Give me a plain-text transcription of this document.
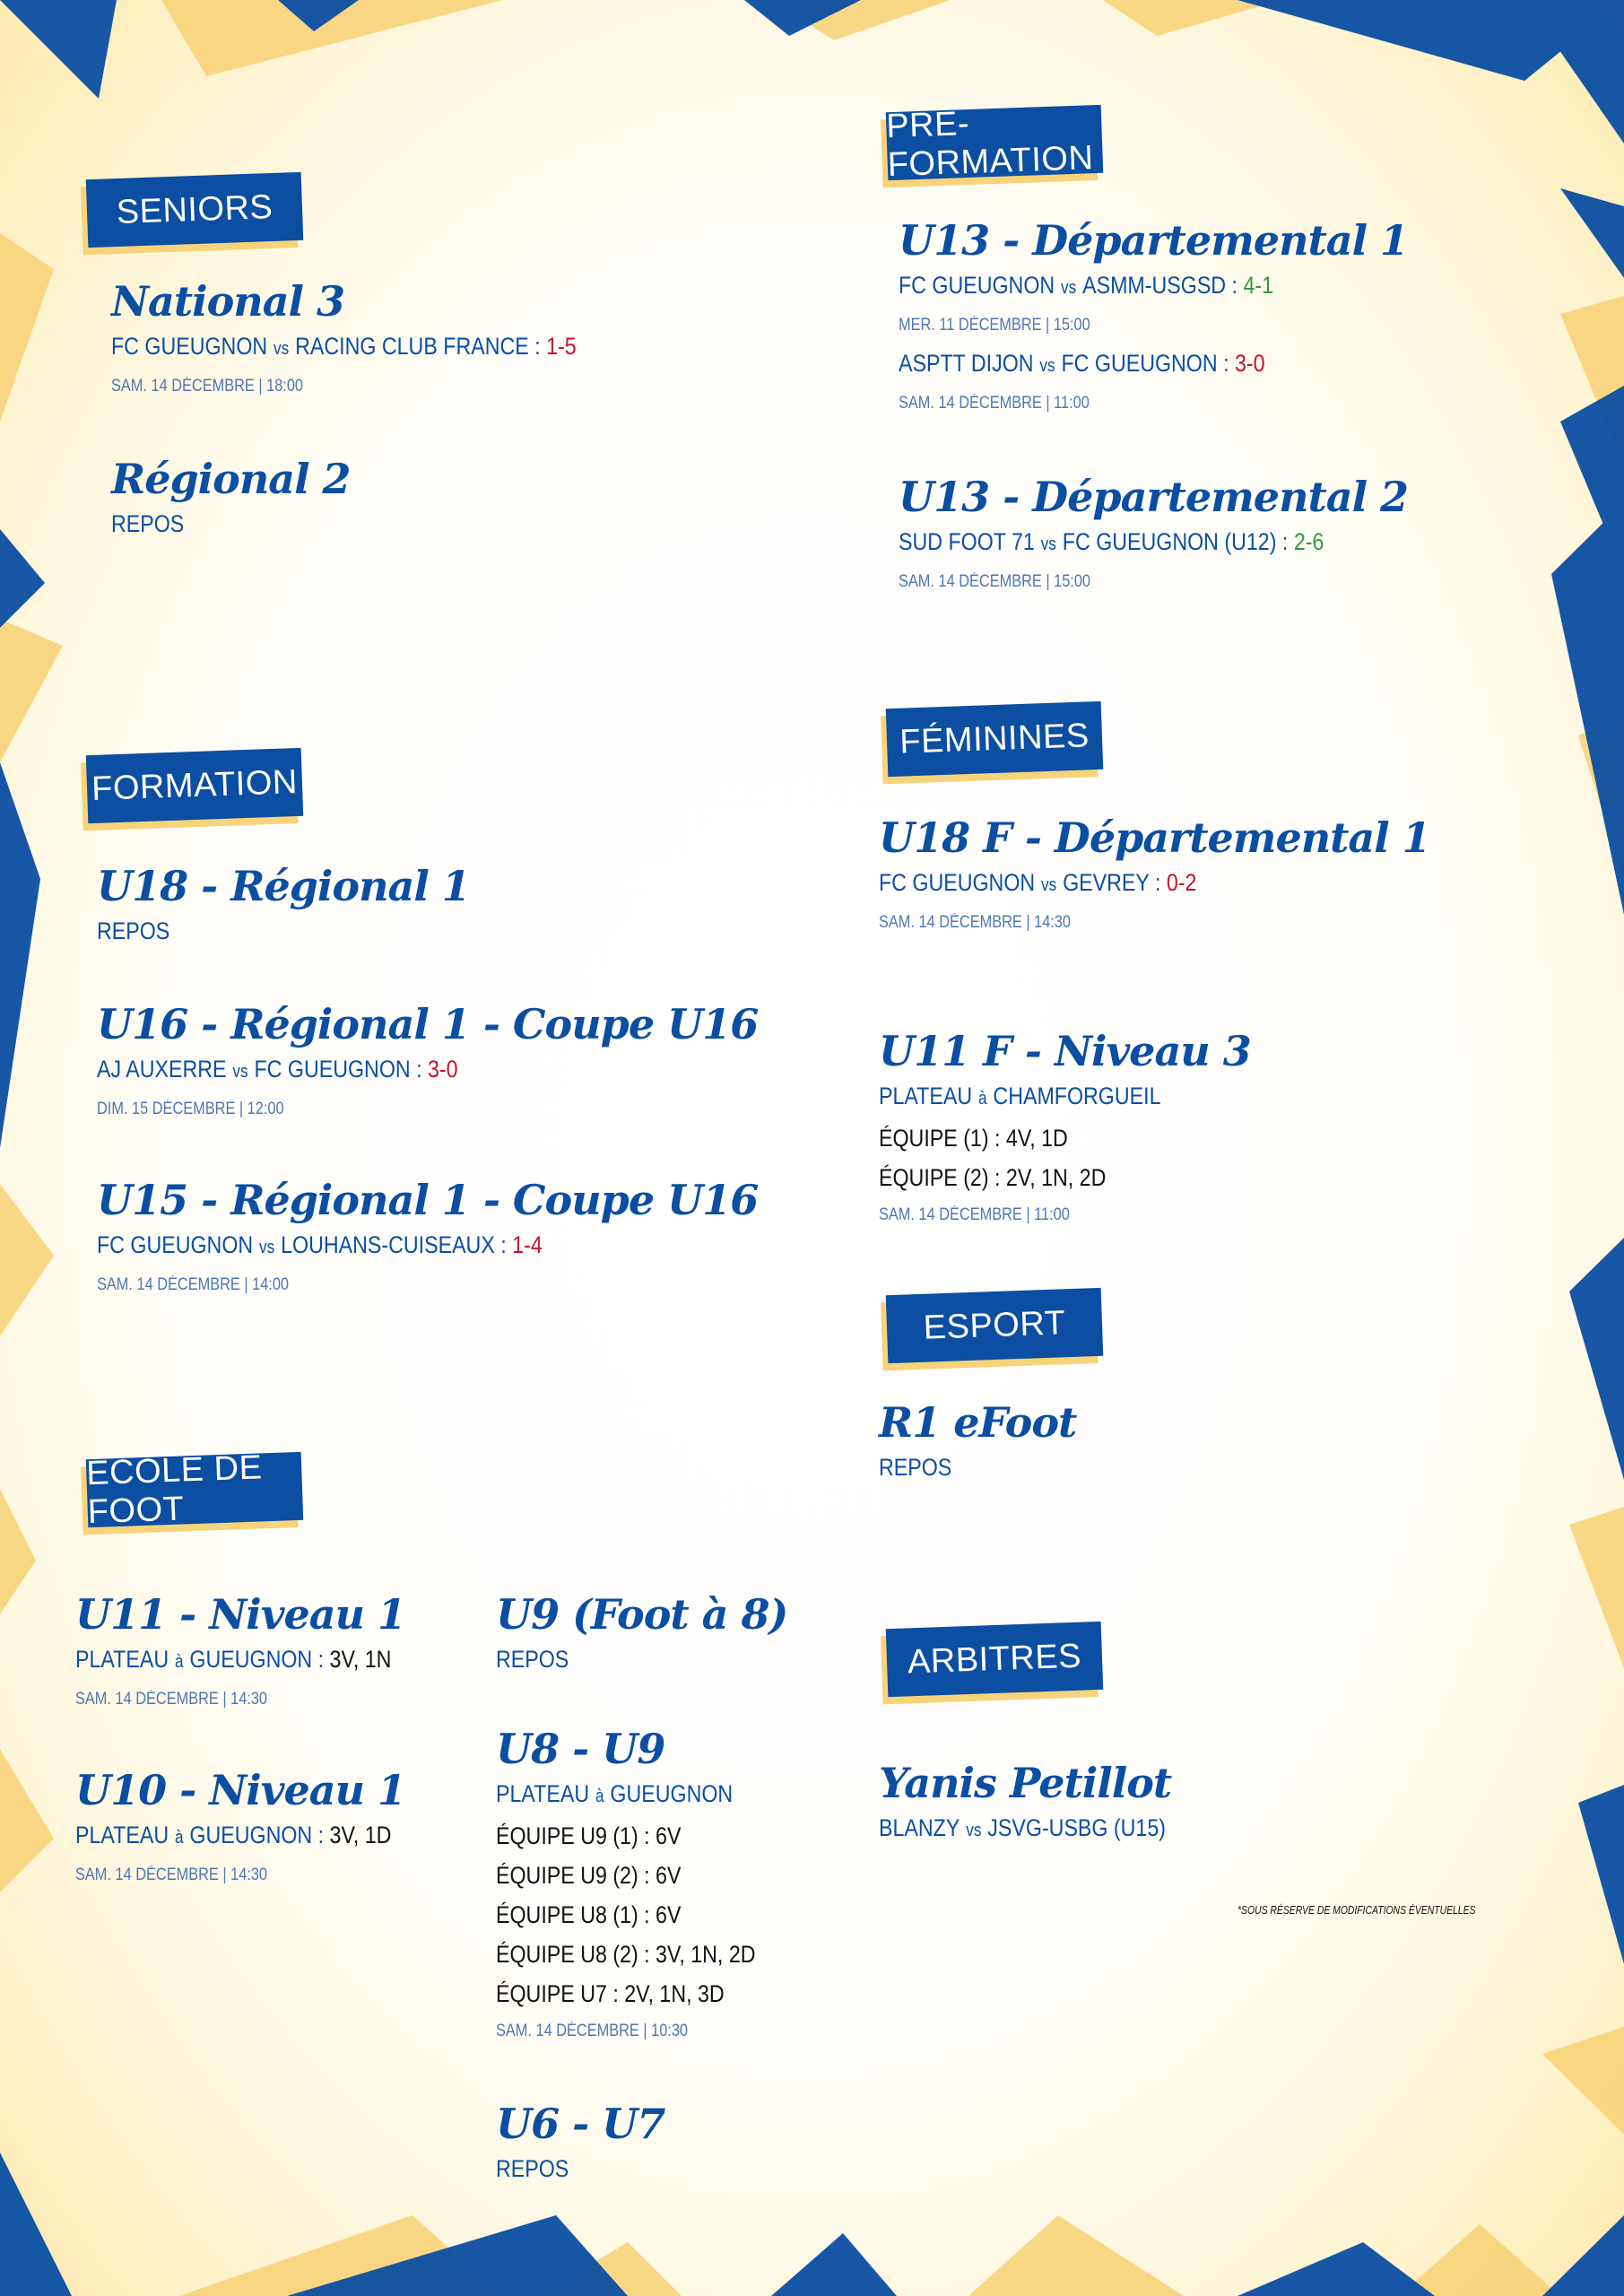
SENIORS
PRÉ-FORMATION
FORMATION
FÉMININES
ESPORT
ÉCOLE DE FOOT
ARBITRES

National 3

FC GUEUGNON vs RACING CLUB FRANCE : 1-5

SAM. 14 DÉCEMBRE | 18:00

Régional 2

REPOS

U13 - Départemental 1

FC GUEUGNON vs ASMM-USGSD : 4-1

MER. 11 DÉCEMBRE | 15:00

ASPTT DIJON vs FC GUEUGNON : 3-0

SAM. 14 DÉCEMBRE | 11:00

U13 - Départemental 2

SUD FOOT 71 vs FC GUEUGNON (U12) : 2-6

SAM. 14 DÉCEMBRE | 15:00

U18 - Régional 1

REPOS

U16 - Régional 1 - Coupe U16

AJ AUXERRE vs FC GUEUGNON : 3-0

DIM. 15 DÉCEMBRE | 12:00

U15 - Régional 1 - Coupe U16

FC GUEUGNON vs LOUHANS-CUISEAUX : 1-4

SAM. 14 DÉCEMBRE | 14:00

U18 F - Départemental 1

FC GUEUGNON vs GEVREY : 0-2

SAM. 14 DÉCEMBRE | 14:30

U11 F - Niveau 3

PLATEAU à CHAMFORGUEIL

ÉQUIPE (1) : 4V, 1D

ÉQUIPE (2) : 2V, 1N, 2D

SAM. 14 DÉCEMBRE | 11:00

R1 eFoot

REPOS

U11 - Niveau 1

PLATEAU à GUEUGNON : 3V, 1N

SAM. 14 DÉCEMBRE | 14:30

U10 - Niveau 1

PLATEAU à GUEUGNON : 3V, 1D

SAM. 14 DÉCEMBRE | 14:30

U9 (Foot à 8)

REPOS

U8 - U9

PLATEAU à GUEUGNON

ÉQUIPE U9 (1) : 6V

ÉQUIPE U9 (2) : 6V

ÉQUIPE U8 (1) : 6V

ÉQUIPE U8 (2) : 3V, 1N, 2D

ÉQUIPE U7 : 2V, 1N, 3D

SAM. 14 DÉCEMBRE | 10:30

U6 - U7

REPOS

Yanis Petillot

BLANZY vs JSVG-USBG (U15)

*SOUS RÉSERVE DE MODIFICATIONS ÉVENTUELLES
